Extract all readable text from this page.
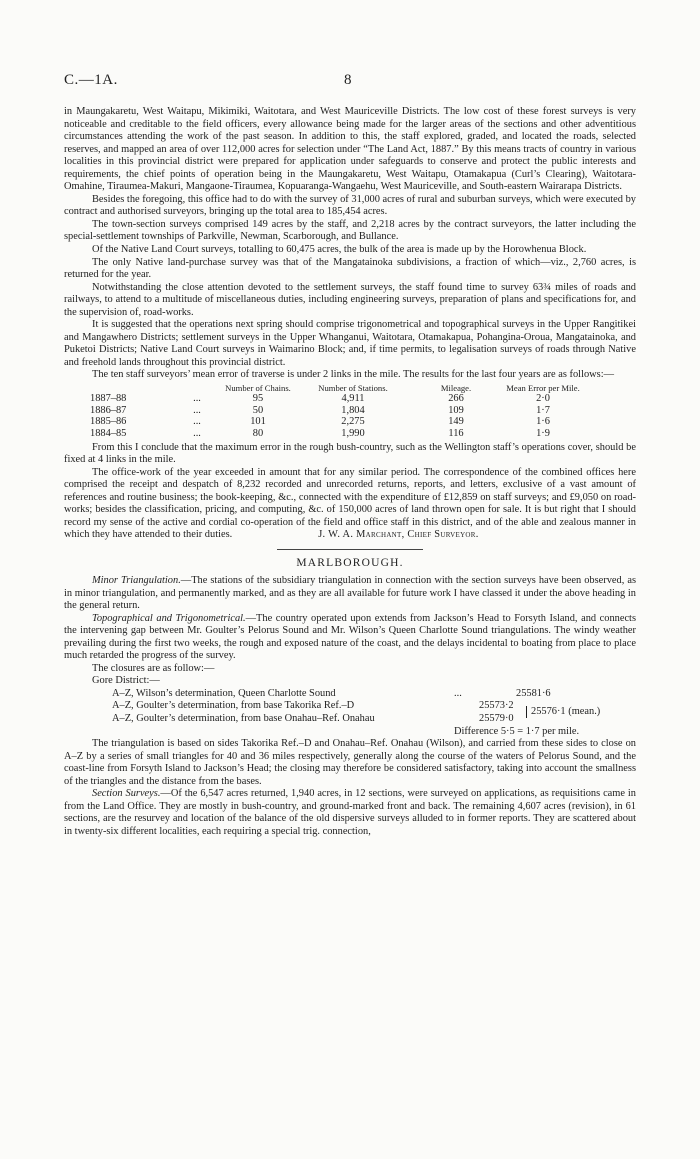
C.—1A.	8

in Maungakaretu, West Waitapu, Mikimiki, Waitotara, and West Mauriceville Districts. The low cost of these forest surveys is very noticeable and creditable to the field officers, every allowance being made for the larger areas of the sections and other adventitious circumstances attending the work of the past season. In addition to this, the staff explored, graded, and located the roads, selected reserves, and mapped an area of over 112,000 acres for selection under “The Land Act, 1887.” By this means tracts of country in various localities in this provincial district were prepared for application under safeguards to conserve and protect the public interests and requirements, the chief points of operation being in the Maungakaretu, West Waitapu, Otamakapua (Curl’s Clearing), Waitotara-Omahine, Tiraumea-Makuri, Mangaone-Tiraumea, Kopuaranga-Wangaehu, West Mauriceville, and South-eastern Wairarapa Districts.

Besides the foregoing, this office had to do with the survey of 31,000 acres of rural and suburban surveys, which were executed by contract and authorised surveyors, bringing up the total area to 185,454 acres.

The town-section surveys comprised 149 acres by the staff, and 2,218 acres by the contract surveyors, the latter including the special-settlement townships of Parkville, Newman, Scarborough, and Bullance.

Of the Native Land Court surveys, totalling to 60,475 acres, the bulk of the area is made up by the Horowhenua Block.

The only Native land-purchase survey was that of the Mangatainoka subdivisions, a fraction of which—viz., 2,760 acres, is returned for the year.

Notwithstanding the close attention devoted to the settlement surveys, the staff found time to survey 63¾ miles of roads and railways, to attend to a multitude of miscellaneous duties, including engineering surveys, preparation of plans and specifications for, and the supervision of, road-works.

It is suggested that the operations next spring should comprise trigonometrical and topographical surveys in the Upper Rangitikei and Mangawhero Districts; settlement surveys in the Upper Whanganui, Waitotara, Otamakapua, Pohangina-Oroua, Mangatainoka, and Puketoi Districts; Native Land Court surveys in Waimarino Block; and, if time permits, to legalisation surveys of roads through Native and freehold lands throughout this provincial district.

The ten staff surveyors’ mean error of traverse is under 2 links in the mile. The results for the last four years are as follows:—

		Number of Chains.	Number of Stations.	Mileage.	Mean Error per Mile.
1887–88	...	95	4,911	266	2·0
1886–87	...	50	1,804	109	1·7
1885–86	...	101	2,275	149	1·6
1884–85	...	80	1,990	116	1·9

From this I conclude that the maximum error in the rough bush-country, such as the Wellington staff’s operations cover, should be fixed at 4 links in the mile.

The office-work of the year exceeded in amount that for any similar period. The correspondence of the combined offices here comprised the receipt and despatch of 8,232 recorded and unrecorded returns, reports, and letters, exclusive of a vast amount of references and routine business; the book-keeping, &c., connected with the expenditure of £12,859 on staff surveys; and £9,050 on road-works; besides the classification, pricing, and computing, &c. of 150,000 acres of land thrown open for sale. It is but right that I should record my sense of the active and cordial co-operation of the field and office staff in this district, and of the able and zealous manner in which they have attended to their duties.	J. W. A. Marchant, Chief Surveyor.

MARLBOROUGH.

Minor Triangulation.—The stations of the subsidiary triangulation in connection with the section surveys have been observed, as in minor triangulation, and permanently marked, and as they are all available for future work I have classed it under the above heading in the general return.

Topographical and Trigonometrical.—The country operated upon extends from Jackson’s Head to Forsyth Island, and connects the intervening gap between Mr. Goulter’s Pelorus Sound and Mr. Wilson’s Queen Charlotte Sound triangulations. The windy weather prevailing during the first two weeks, the rough and exposed nature of the coast, and the delays incidental to boating from place to place much retarded the progress of the survey.

The closures are as follow:—

Gore District:—

A–Z, Wilson’s determination, Queen Charlotte Sound	...	25581·6
A–Z, Goulter’s determination, from base Takorika Ref.–D	25573·2
25576·1 (mean.)
A–Z, Goulter’s determination, from base Onahau–Ref. Onahau	25579·0
Difference 5·5 = 1·7 per mile.

The triangulation is based on sides Takorika Ref.–D and Onahau–Ref. Onahau (Wilson), and carried from these sides to close on A–Z by a series of small triangles for 40 and 36 miles respectively, generally along the course of the waters of Pelorus Sound, and the coast-line from Forsyth Island to Jackson’s Head; the closing may therefore be considered satisfactory, taking into account the smallness of the triangles and the distance from the bases.

Section Surveys.—Of the 6,547 acres returned, 1,940 acres, in 12 sections, were surveyed on applications, as requisitions came in from the Land Office. They are mostly in bush-country, and ground-marked front and back. The remaining 4,607 acres (revision), in 61 sections, are the resurvey and location of the balance of the old dispersive surveys alluded to in former reports. They are scattered about in twenty-six different localities, each requiring a special trig. connection,
